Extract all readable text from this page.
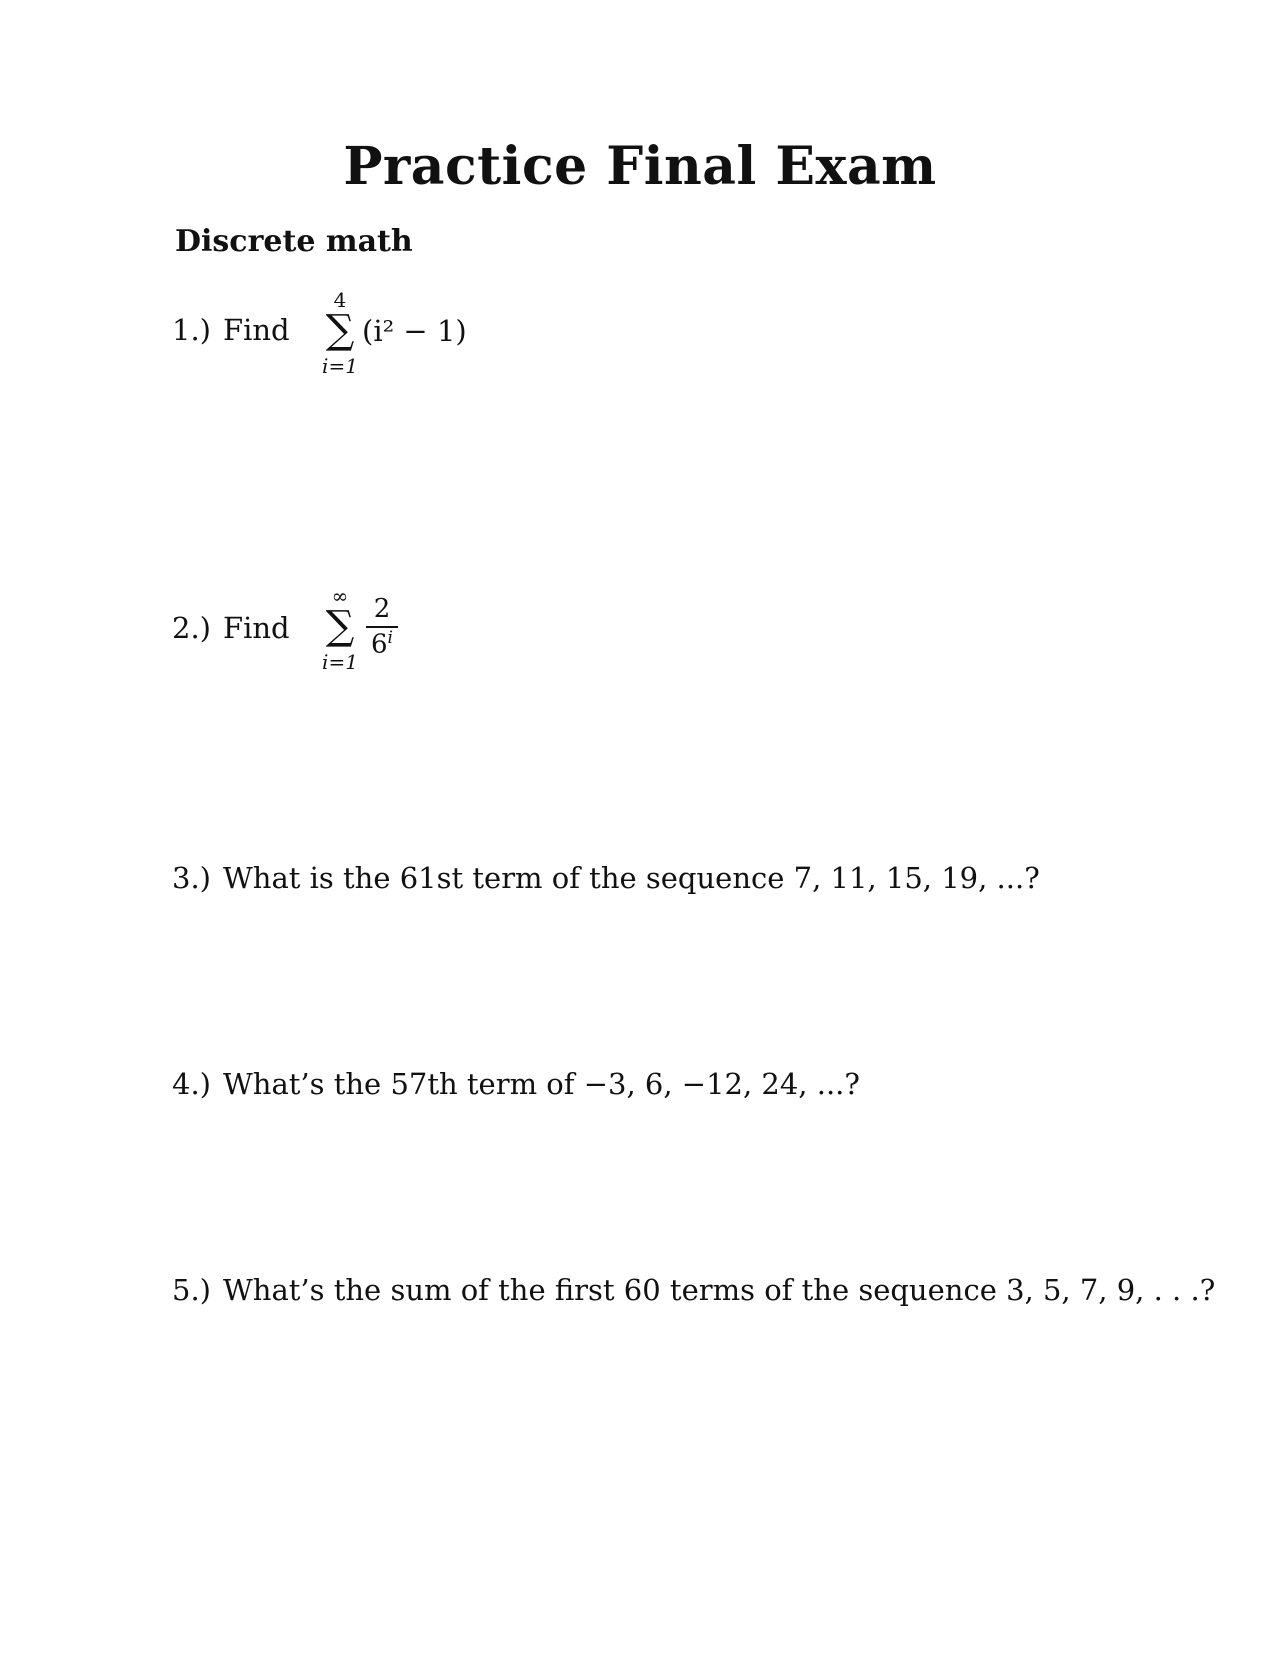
Practice Final Exam
Discrete math
1.) Find
4
∑
i=1
(i² − 1)
2.) Find
∞
∑
i=1
2
6$^i$
3.) What is the 61st term of the sequence 7, 11, 15, 19, ...?
4.) What’s the 57th term of −3, 6, −12, 24, ...?
5.) What’s the sum of the first 60 terms of the sequence 3, 5, 7, 9, . . .?
